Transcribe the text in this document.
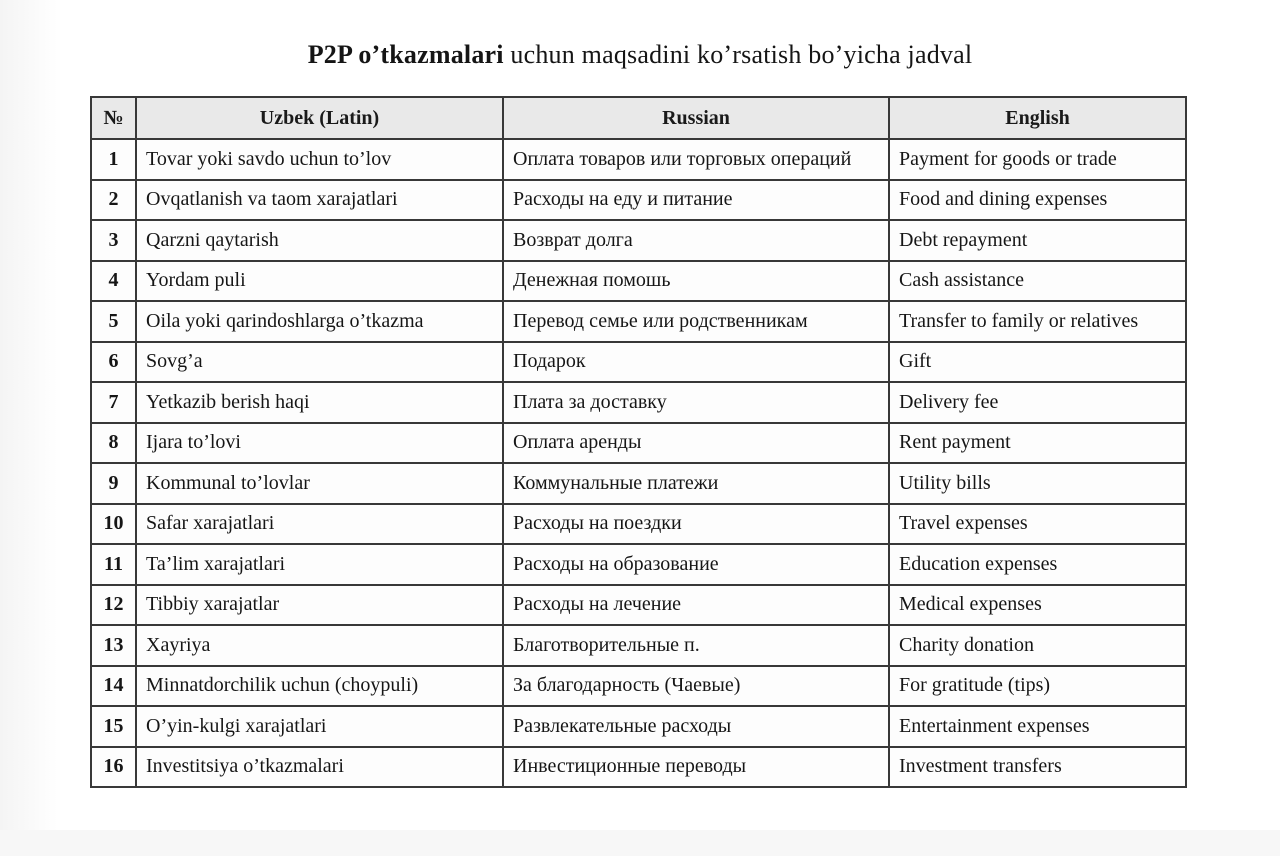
P2P o’tkazmalari uchun maqsadini ko’rsatish bo’yicha jadval
№	Uzbek (Latin)	Russian	English
1	Tovar yoki savdo uchun to’lov	Оплата товаров или торговых операций	Payment for goods or trade
2	Ovqatlanish va taom xarajatlari	Расходы на еду и питание	Food and dining expenses
3	Qarzni qaytarish	Возврат долга	Debt repayment
4	Yordam puli	Денежная помошь	Cash assistance
5	Oila yoki qarindoshlarga o’tkazma	Перевод семье или родственникам	Transfer to family or relatives
6	Sovg’a	Подарок	Gift
7	Yetkazib berish haqi	Плата за доставку	Delivery fee
8	Ijara to’lovi	Оплата аренды	Rent payment
9	Kommunal to’lovlar	Коммунальные платежи	Utility bills
10	Safar xarajatlari	Расходы на поездки	Travel expenses
11	Ta’lim xarajatlari	Расходы на образование	Education expenses
12	Tibbiy xarajatlar	Расходы на лечение	Medical expenses
13	Xayriya	Благотворительные п.	Charity donation
14	Minnatdorchilik uchun (choypuli)	За благодарность (Чаевые)	For gratitude (tips)
15	O’yin-kulgi xarajatlari	Развлекательные расходы	Entertainment expenses
16	Investitsiya o’tkazmalari	Инвестиционные переводы	Investment transfers
